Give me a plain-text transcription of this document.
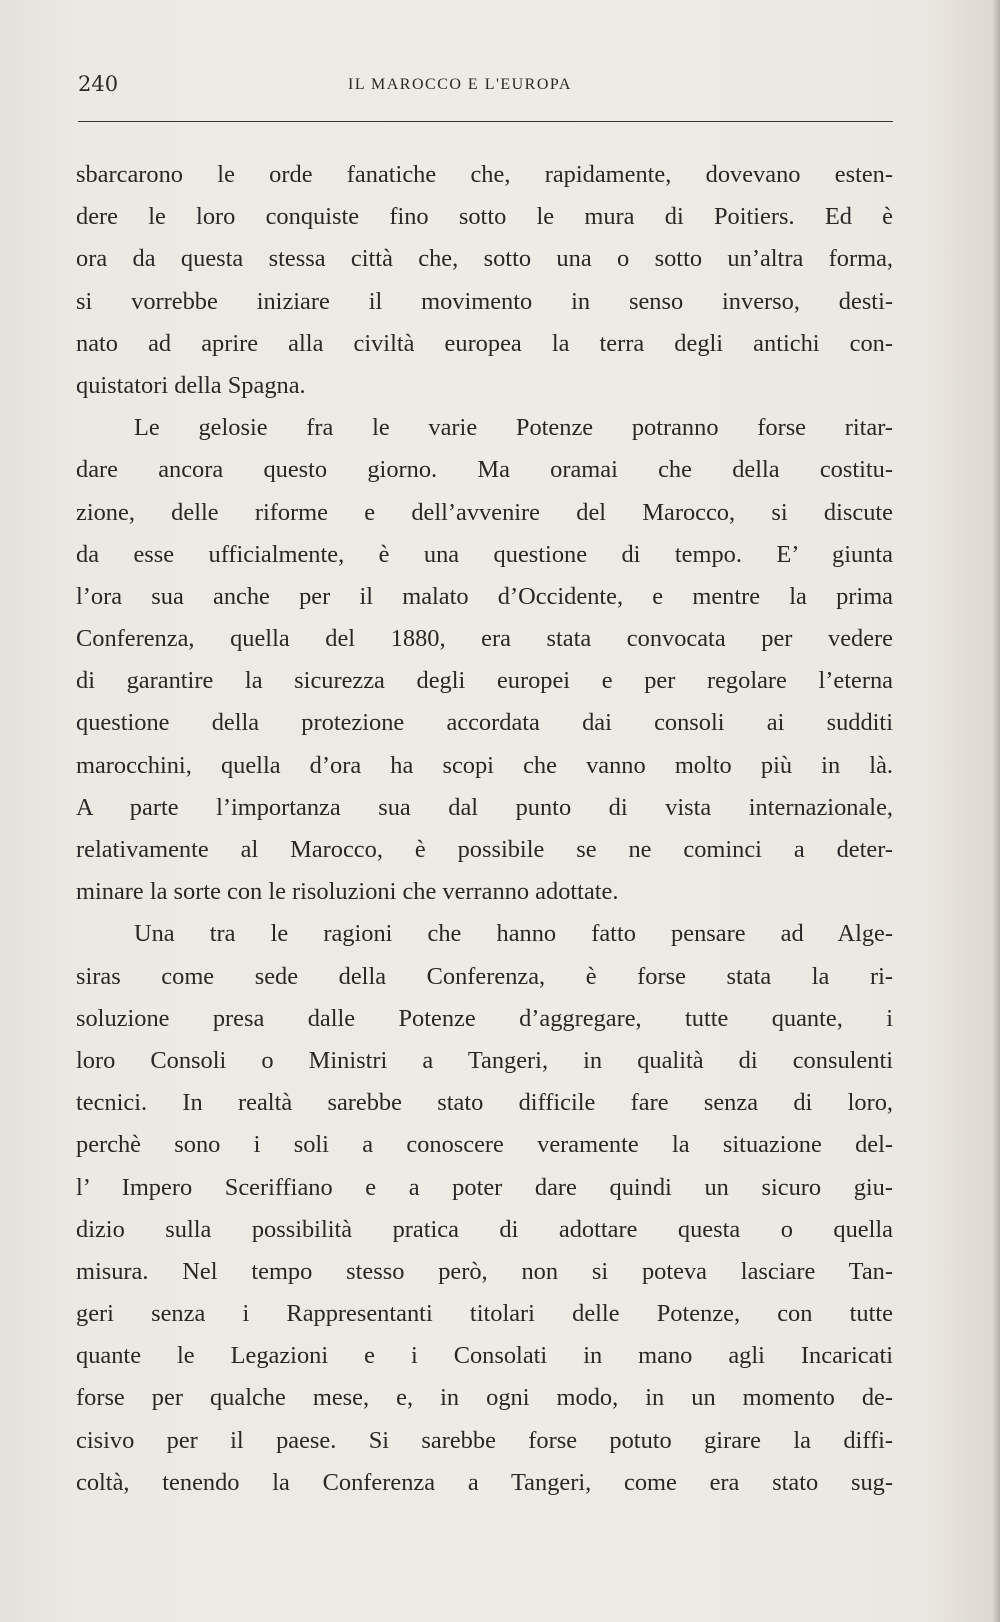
240	IL MAROCCO E L'EUROPA
sbarcarono le orde fanatiche che, rapidamente, dovevano esten-
dere le loro conquiste fino sotto le mura di Poitiers. Ed è
ora da questa stessa città che, sotto una o sotto un’altra forma,
si vorrebbe iniziare il movimento in senso inverso, desti-
nato ad aprire alla civiltà europea la terra degli antichi con-
quistatori della Spagna.
Le gelosie fra le varie Potenze potranno forse ritar-
dare ancora questo giorno. Ma oramai che della costitu-
zione, delle riforme e dell’avvenire del Marocco, si discute
da esse ufficialmente, è una questione di tempo. E’ giunta
l’ora sua anche per il malato d’Occidente, e mentre la prima
Conferenza, quella del 1880, era stata convocata per vedere
di garantire la sicurezza degli europei e per regolare l’eterna
questione della protezione accordata dai consoli ai sudditi
marocchini, quella d’ora ha scopi che vanno molto più in là.
A parte l’importanza sua dal punto di vista internazionale,
relativamente al Marocco, è possibile se ne cominci a deter-
minare la sorte con le risoluzioni che verranno adottate.
Una tra le ragioni che hanno fatto pensare ad Alge-
siras come sede della Conferenza, è forse stata la ri-
soluzione presa dalle Potenze d’aggregare, tutte quante, i
loro Consoli o Ministri a Tangeri, in qualità di consulenti
tecnici. In realtà sarebbe stato difficile fare senza di loro,
perchè sono i soli a conoscere veramente la situazione del-
l’ Impero Sceriffiano e a poter dare quindi un sicuro giu-
dizio sulla possibilità pratica di adottare questa o quella
misura. Nel tempo stesso però, non si poteva lasciare Tan-
geri senza i Rappresentanti titolari delle Potenze, con tutte
quante le Legazioni e i Consolati in mano agli Incaricati
forse per qualche mese, e, in ogni modo, in un momento de-
cisivo per il paese. Si sarebbe forse potuto girare la diffi-
coltà, tenendo la Conferenza a Tangeri, come era stato sug-
